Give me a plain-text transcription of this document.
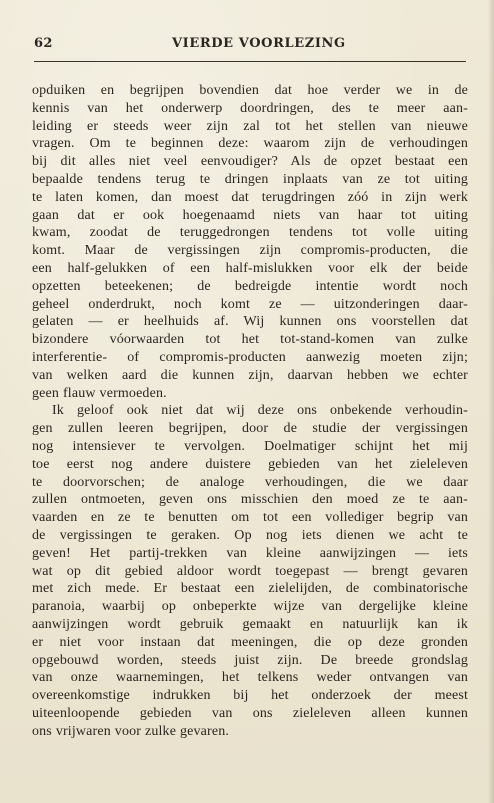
62	VIERDE VOORLEZING
opduiken en begrijpen bovendien dat hoe verder we in de
kennis van het onderwerp doordringen, des te meer aan-
leiding er steeds weer zijn zal tot het stellen van nieuwe
vragen. Om te beginnen deze: waarom zijn de verhoudingen
bij dit alles niet veel eenvoudiger? Als de opzet bestaat een
bepaalde tendens terug te dringen inplaats van ze tot uiting
te laten komen, dan moest dat terugdringen zóó in zijn werk
gaan dat er ook hoegenaamd niets van haar tot uiting
kwam, zoodat de teruggedrongen tendens tot volle uiting
komt. Maar de vergissingen zijn compromis-producten, die
een half-gelukken of een half-mislukken voor elk der beide
opzetten beteekenen; de bedreigde intentie wordt noch
geheel onderdrukt, noch komt ze — uitzonderingen daar-
gelaten — er heelhuids af. Wij kunnen ons voorstellen dat
bizondere vóorwaarden tot het tot-stand-komen van zulke
interferentie- of compromis-producten aanwezig moeten zijn;
van welken aard die kunnen zijn, daarvan hebben we echter
geen flauw vermoeden.
Ik geloof ook niet dat wij deze ons onbekende verhoudin-
gen zullen leeren begrijpen, door de studie der vergissingen
nog intensiever te vervolgen. Doelmatiger schijnt het mij
toe eerst nog andere duistere gebieden van het zieleleven
te doorvorschen; de analoge verhoudingen, die we daar
zullen ontmoeten, geven ons misschien den moed ze te aan-
vaarden en ze te benutten om tot een vollediger begrip van
de vergissingen te geraken. Op nog iets dienen we acht te
geven! Het partij-trekken van kleine aanwijzingen — iets
wat op dit gebied aldoor wordt toegepast — brengt gevaren
met zich mede. Er bestaat een zielelijden, de combinatorische
paranoia, waarbij op onbeperkte wijze van dergelijke kleine
aanwijzingen wordt gebruik gemaakt en natuurlijk kan ik
er niet voor instaan dat meeningen, die op deze gronden
opgebouwd worden, steeds juist zijn. De breede grondslag
van onze waarnemingen, het telkens weder ontvangen van
overeenkomstige indrukken bij het onderzoek der meest
uiteenloopende gebieden van ons zieleleven alleen kunnen
ons vrijwaren voor zulke gevaren.
